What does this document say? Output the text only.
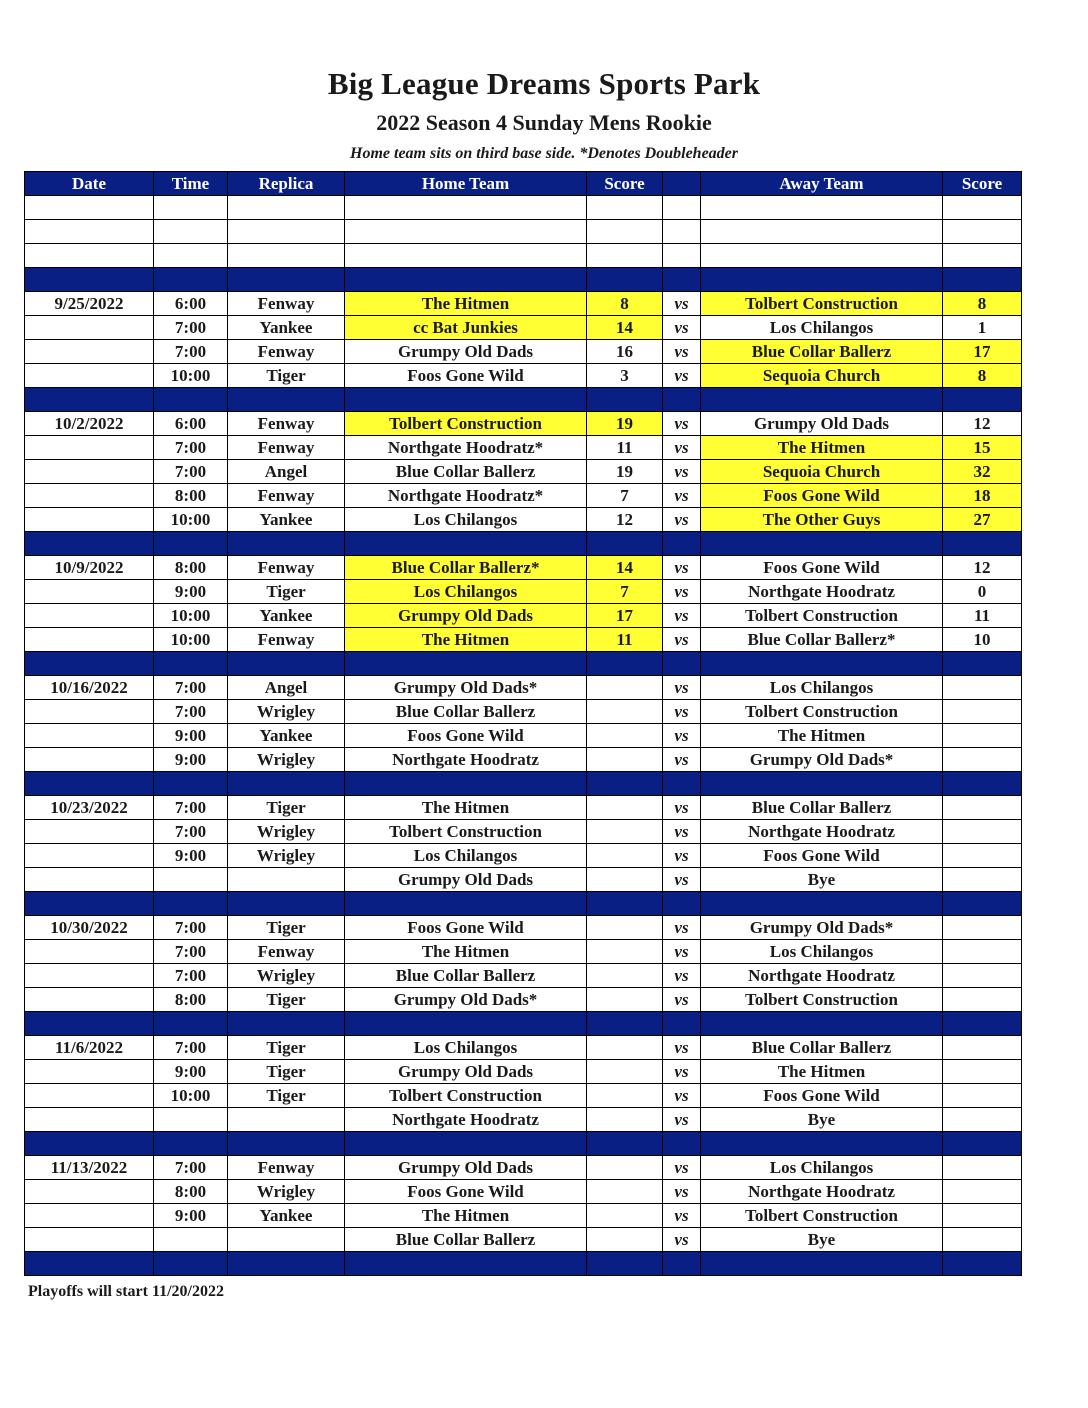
Big League Dreams Sports Park
2022 Season 4 Sunday Mens Rookie
Home team sits on third base side. *Denotes Doubleheader
Date	Time	Replica	Home Team	Score		Away Team	Score

9/25/2022	6:00	Fenway	The Hitmen	8	vs	Tolbert Construction	8
	7:00	Yankee	cc Bat Junkies	14	vs	Los Chilangos	1
	7:00	Fenway	Grumpy Old Dads	16	vs	Blue Collar Ballerz	17
	10:00	Tiger	Foos Gone Wild	3	vs	Sequoia Church	8

10/2/2022	6:00	Fenway	Tolbert Construction	19	vs	Grumpy Old Dads	12
	7:00	Fenway	Northgate Hoodratz*	11	vs	The Hitmen	15
	7:00	Angel	Blue Collar Ballerz	19	vs	Sequoia Church	32
	8:00	Fenway	Northgate Hoodratz*	7	vs	Foos Gone Wild	18
	10:00	Yankee	Los Chilangos	12	vs	The Other Guys	27

10/9/2022	8:00	Fenway	Blue Collar Ballerz*	14	vs	Foos Gone Wild	12
	9:00	Tiger	Los Chilangos	7	vs	Northgate Hoodratz	0
	10:00	Yankee	Grumpy Old Dads	17	vs	Tolbert Construction	11
	10:00	Fenway	The Hitmen	11	vs	Blue Collar Ballerz*	10

10/16/2022	7:00	Angel	Grumpy Old Dads*		vs	Los Chilangos	
	7:00	Wrigley	Blue Collar Ballerz		vs	Tolbert Construction	
	9:00	Yankee	Foos Gone Wild		vs	The Hitmen	
	9:00	Wrigley	Northgate Hoodratz		vs	Grumpy Old Dads*	

10/23/2022	7:00	Tiger	The Hitmen		vs	Blue Collar Ballerz	
	7:00	Wrigley	Tolbert Construction		vs	Northgate Hoodratz	
	9:00	Wrigley	Los Chilangos		vs	Foos Gone Wild	
			Grumpy Old Dads		vs	Bye	

10/30/2022	7:00	Tiger	Foos Gone Wild		vs	Grumpy Old Dads*	
	7:00	Fenway	The Hitmen		vs	Los Chilangos	
	7:00	Wrigley	Blue Collar Ballerz		vs	Northgate Hoodratz	
	8:00	Tiger	Grumpy Old Dads*		vs	Tolbert Construction	

11/6/2022	7:00	Tiger	Los Chilangos		vs	Blue Collar Ballerz	
	9:00	Tiger	Grumpy Old Dads		vs	The Hitmen	
	10:00	Tiger	Tolbert Construction		vs	Foos Gone Wild	
			Northgate Hoodratz		vs	Bye	

11/13/2022	7:00	Fenway	Grumpy Old Dads		vs	Los Chilangos	
	8:00	Wrigley	Foos Gone Wild		vs	Northgate Hoodratz	
	9:00	Yankee	The Hitmen		vs	Tolbert Construction	
			Blue Collar Ballerz		vs	Bye	

Playoffs will start 11/20/2022
